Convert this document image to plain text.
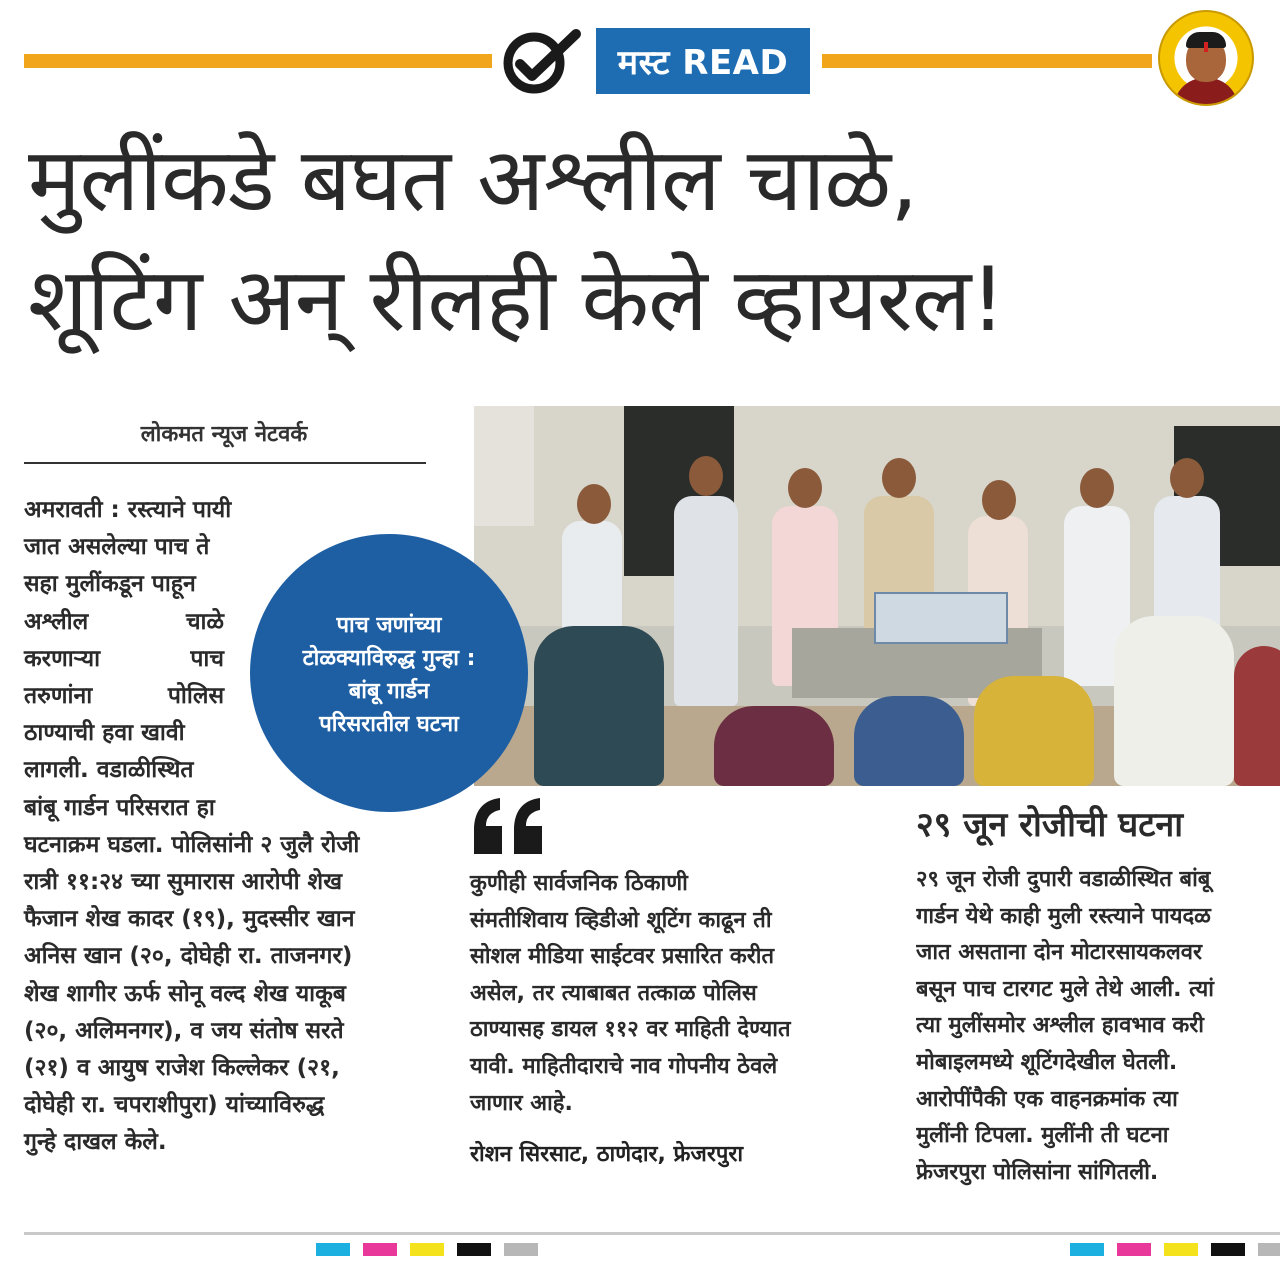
मस्ट READ
मुलींकडे बघत अश्लील चाळे,
शूटिंग अन् रीलही केले व्हायरल!
लोकमत न्यूज नेटवर्क
अमरावती : रस्त्याने पायी
जात असलेल्या पाच ते
सहा मुलींकडून पाहून
अश्लील चाळे
करणाऱ्या पाच
तरुणांना पोलिस
ठाण्याची हवा खावी
लागली. वडाळीस्थित
बांबू गार्डन परिसरात हा
घटनाक्रम घडला. पोलिसांनी २ जुलै रोजी
रात्री ११:२४ च्या सुमारास आरोपी शेख
फैजान शेख कादर (१९), मुदस्सीर खान
अनिस खान (२०, दोघेही रा. ताजनगर)
शेख शागीर ऊर्फ सोनू वल्द शेख याकूब
(२०, अलिमनगर), व जय संतोष सरते
(२१) व आयुष राजेश किल्लेकर (२१,
दोघेही रा. चपराशीपुरा) यांच्याविरुद्ध
गुन्हे दाखल केले.
पाच जणांच्या
टोळक्याविरुद्ध गुन्हा :
बांबू गार्डन
परिसरातील घटना
कुणीही सार्वजनिक ठिकाणी
संमतीशिवाय व्हिडीओ शूटिंग काढून ती
सोशल मीडिया साईटवर प्रसारित करीत
असेल, तर त्याबाबत तत्काळ पोलिस
ठाण्यासह डायल ११२ वर माहिती देण्यात
यावी. माहितीदाराचे नाव गोपनीय ठेवले
जाणार आहे.
रोशन सिरसाट, ठाणेदार, फ्रेजरपुरा
२९ जून रोजीची घटना
२९ जून रोजी दुपारी वडाळीस्थित बांबू
गार्डन येथे काही मुली रस्त्याने पायदळ
जात असताना दोन मोटारसायकलवर
बसून पाच टारगट मुले तेथे आली. त्यां
त्या मुलींसमोर अश्लील हावभाव करी
मोबाइलमध्ये शूटिंगदेखील घेतली.
आरोपींपैकी एक वाहनक्रमांक त्या
मुलींनी टिपला. मुलींनी ती घटना
फ्रेजरपुरा पोलिसांना सांगितली.
